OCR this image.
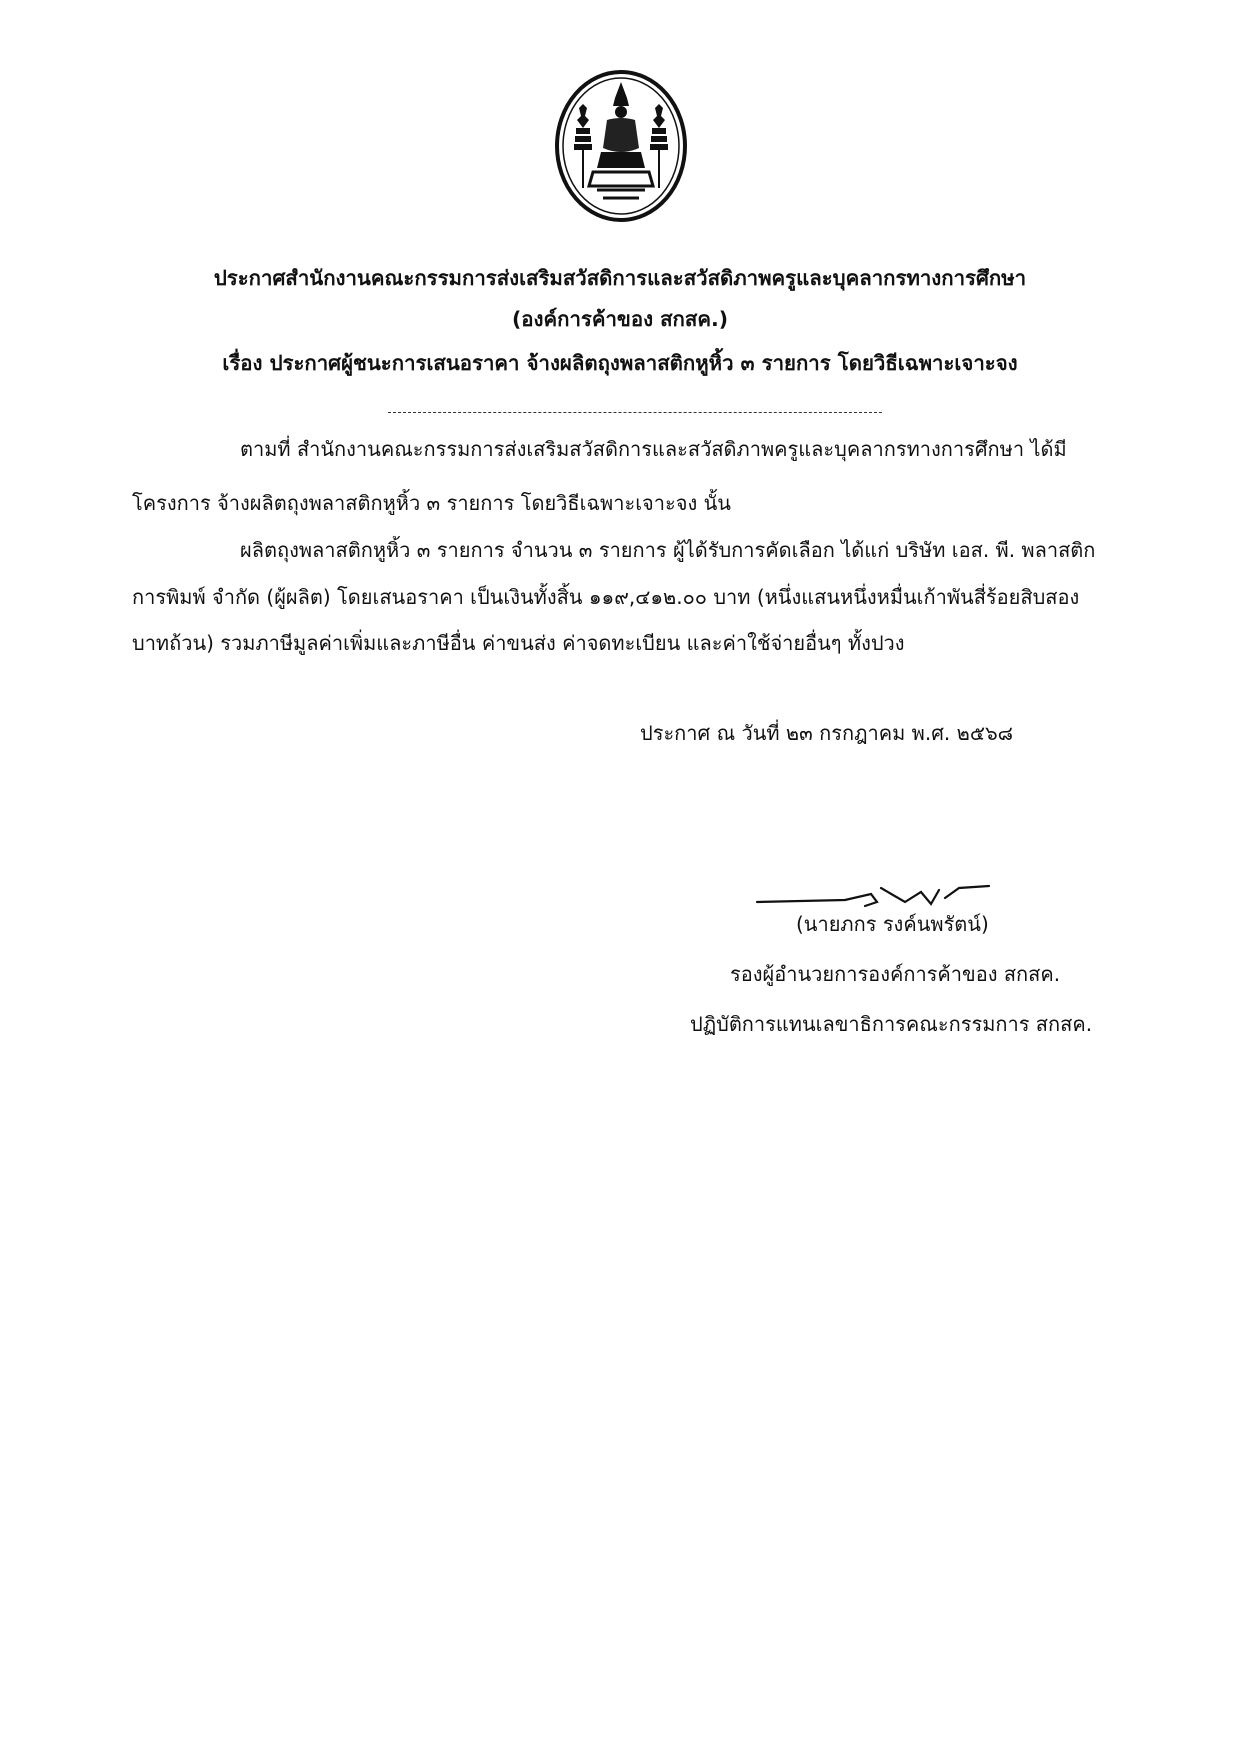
ประกาศสำนักงานคณะกรรมการส่งเสริมสวัสดิการและสวัสดิภาพครูและบุคลากรทางการศึกษา
(องค์การค้าของ สกสค.)
เรื่อง ประกาศผู้ชนะการเสนอราคา จ้างผลิตถุงพลาสติกหูหิ้ว ๓ รายการ โดยวิธีเฉพาะเจาะจง
ตามที่ สำนักงานคณะกรรมการส่งเสริมสวัสดิการและสวัสดิภาพครูและบุคลากรทางการศึกษา ได้มี
โครงการ จ้างผลิตถุงพลาสติกหูหิ้ว ๓ รายการ โดยวิธีเฉพาะเจาะจง นั้น
ผลิตถุงพลาสติกหูหิ้ว ๓ รายการ จำนวน ๓ รายการ ผู้ได้รับการคัดเลือก ได้แก่ บริษัท เอส. พี. พลาสติก
การพิมพ์ จำกัด (ผู้ผลิต) โดยเสนอราคา เป็นเงินทั้งสิ้น ๑๑๙,๔๑๒.๐๐ บาท (หนึ่งแสนหนึ่งหมื่นเก้าพันสี่ร้อยสิบสอง
บาทถ้วน) รวมภาษีมูลค่าเพิ่มและภาษีอื่น ค่าขนส่ง ค่าจดทะเบียน และค่าใช้จ่ายอื่นๆ ทั้งปวง
ประกาศ ณ วันที่ ๒๓ กรกฎาคม พ.ศ. ๒๕๖๘
(นายภกร รงค์นพรัตน์)
รองผู้อำนวยการองค์การค้าของ สกสค.
ปฏิบัติการแทนเลขาธิการคณะกรรมการ สกสค.
